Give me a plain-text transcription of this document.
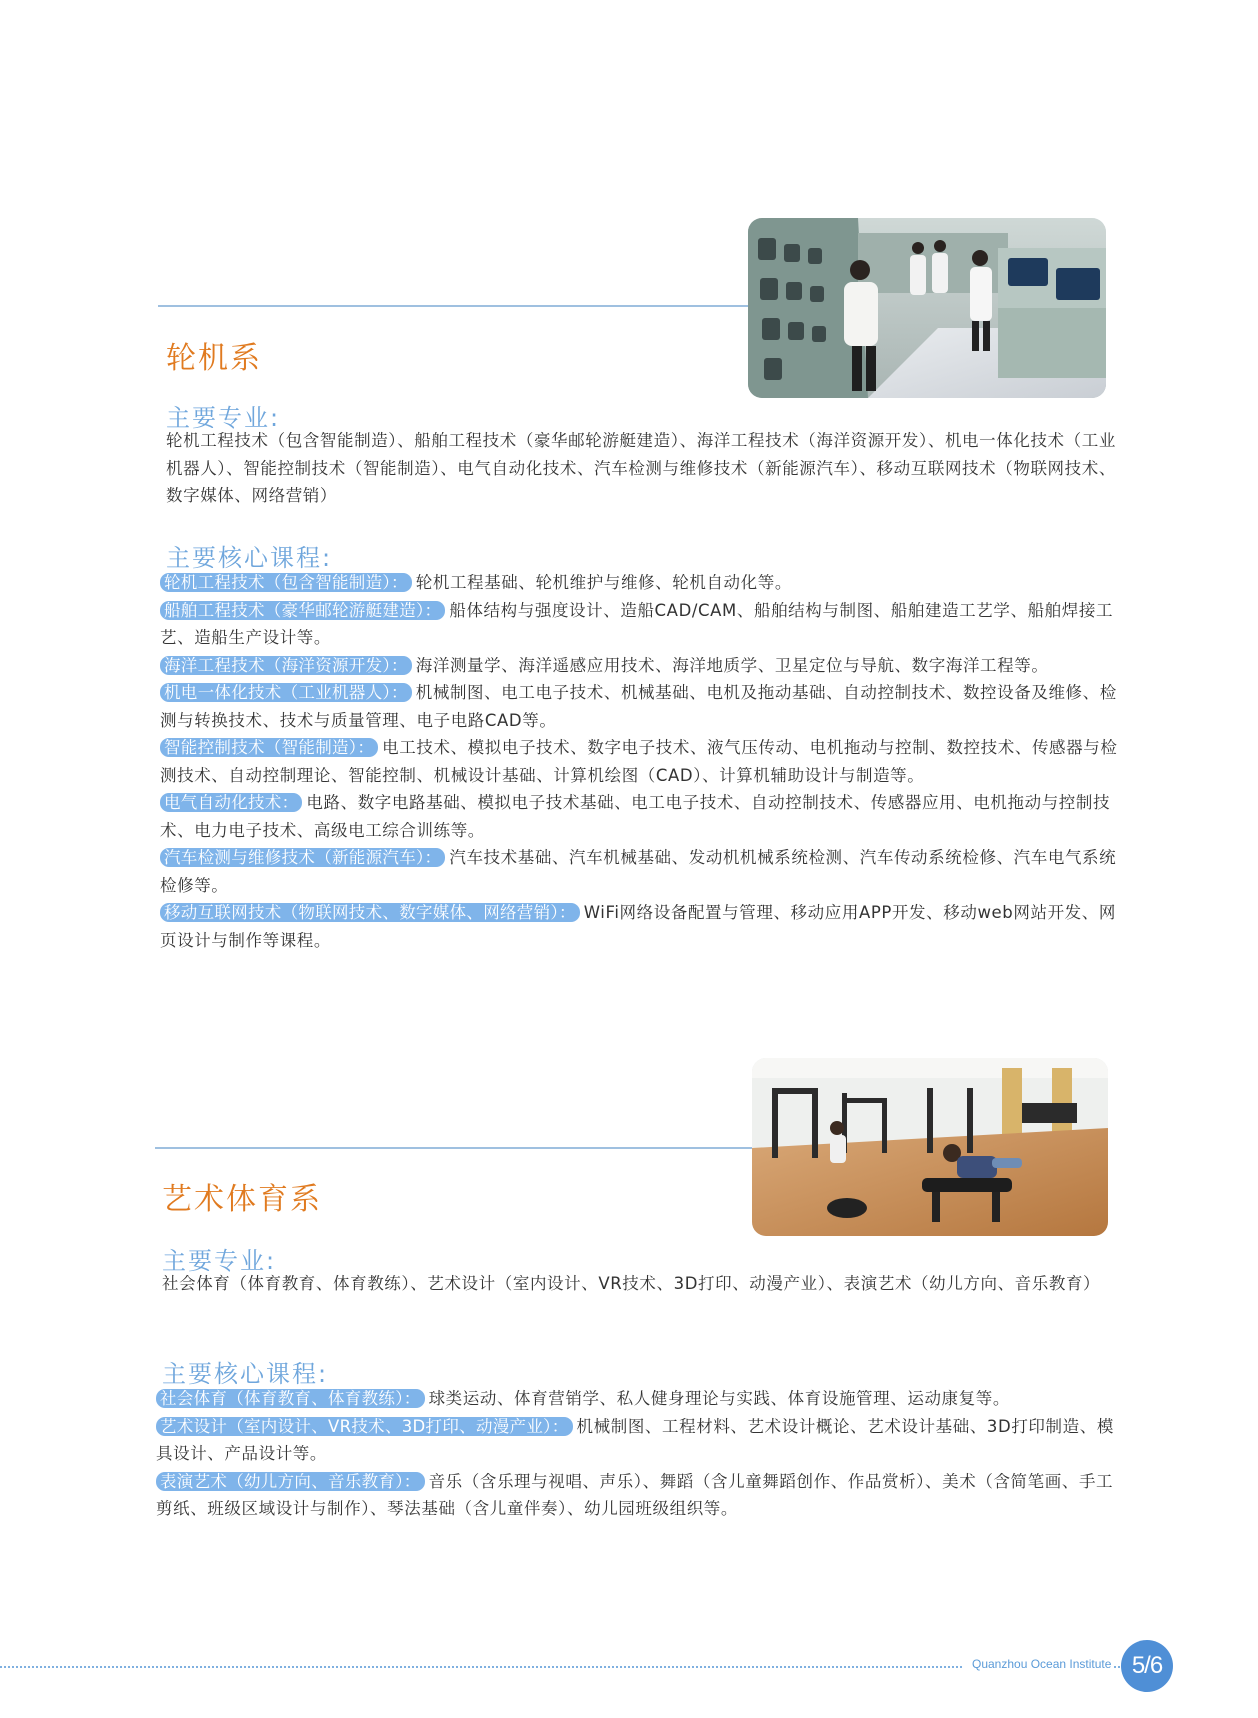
轮机系
主要专业:
轮机工程技术（包含智能制造）、船舶工程技术（豪华邮轮游艇建造）、海洋工程技术（海洋资源开发）、机电一体化技术（工业机器人）、智能控制技术（智能制造）、电气自动化技术、汽车检测与维修技术（新能源汽车）、移动互联网技术（物联网技术、数字媒体、网络营销）
主要核心课程:

轮机工程技术（包含智能制造）： 轮机工程基础、轮机维护与维修、轮机自动化等。

船舶工程技术（豪华邮轮游艇建造）： 船体结构与强度设计、造船CAD/CAM、船舶结构与制图、船舶建造工艺学、船舶焊接工艺、造船生产设计等。

海洋工程技术（海洋资源开发）： 海洋测量学、海洋遥感应用技术、海洋地质学、卫星定位与导航、数字海洋工程等。

机电一体化技术（工业机器人）： 机械制图、电工电子技术、机械基础、电机及拖动基础、自动控制技术、数控设备及维修、检测与转换技术、技术与质量管理、电子电路CAD等。

智能控制技术（智能制造）： 电工技术、模拟电子技术、数字电子技术、液气压传动、电机拖动与控制、数控技术、传感器与检测技术、自动控制理论、智能控制、机械设计基础、计算机绘图（CAD）、计算机辅助设计与制造等。

电气自动化技术： 电路、数字电路基础、模拟电子技术基础、电工电子技术、自动控制技术、传感器应用、电机拖动与控制技术、电力电子技术、高级电工综合训练等。

汽车检测与维修技术（新能源汽车）： 汽车技术基础、汽车机械基础、发动机机械系统检测、汽车传动系统检修、汽车电气系统检修等。

移动互联网技术（物联网技术、数字媒体、网络营销）： WiFi网络设备配置与管理、移动应用APP开发、移动web网站开发、网页设计与制作等课程。

艺术体育系
主要专业:
社会体育（体育教育、体育教练）、艺术设计（室内设计、VR技术、3D打印、动漫产业）、表演艺术（幼儿方向、音乐教育）
主要核心课程:

社会体育（体育教育、体育教练）： 球类运动、体育营销学、私人健身理论与实践、体育设施管理、运动康复等。

艺术设计（室内设计、VR技术、3D打印、动漫产业）： 机械制图、工程材料、艺术设计概论、艺术设计基础、3D打印制造、模具设计、产品设计等。

表演艺术（幼儿方向、音乐教育）： 音乐（含乐理与视唱、声乐）、舞蹈（含儿童舞蹈创作、作品赏析）、美术（含简笔画、手工剪纸、班级区域设计与制作）、琴法基础（含儿童伴奏）、幼儿园班级组织等。

Quanzhou Ocean Institute 5/6
